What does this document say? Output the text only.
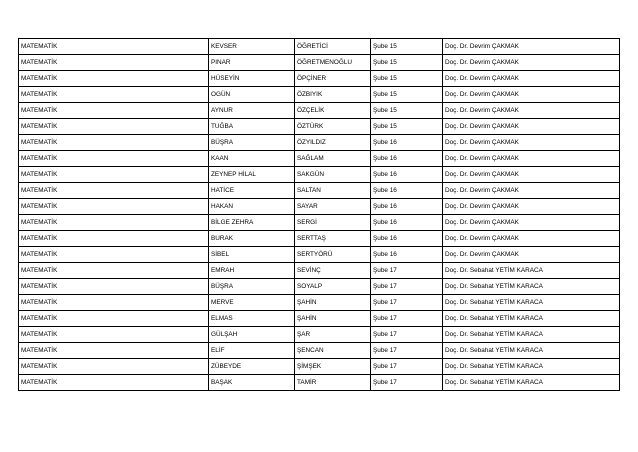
MATEMATİK	KEVSER	ÖĞRETİCİ	Şube 15	Doç. Dr. Devrim ÇAKMAK
MATEMATİK	PINAR	ÖĞRETMENOĞLU	Şube 15	Doç. Dr. Devrim ÇAKMAK
MATEMATİK	HÜSEYİN	ÖPÇİNER	Şube 15	Doç. Dr. Devrim ÇAKMAK
MATEMATİK	OGÜN	ÖZBIYIK	Şube 15	Doç. Dr. Devrim ÇAKMAK
MATEMATİK	AYNUR	ÖZÇELİK	Şube 15	Doç. Dr. Devrim ÇAKMAK
MATEMATİK	TUĞBA	ÖZTÜRK	Şube 15	Doç. Dr. Devrim ÇAKMAK
MATEMATİK	BÜŞRA	ÖZYILDIZ	Şube 16	Doç. Dr. Devrim ÇAKMAK
MATEMATİK	KAAN	SAĞLAM	Şube 16	Doç. Dr. Devrim ÇAKMAK
MATEMATİK	ZEYNEP HİLAL	SAKGÜN	Şube 16	Doç. Dr. Devrim ÇAKMAK
MATEMATİK	HATİCE	SALTAN	Şube 16	Doç. Dr. Devrim ÇAKMAK
MATEMATİK	HAKAN	SAYAR	Şube 16	Doç. Dr. Devrim ÇAKMAK
MATEMATİK	BİLGE ZEHRA	SERGİ	Şube 16	Doç. Dr. Devrim ÇAKMAK
MATEMATİK	BURAK	SERTTAŞ	Şube 16	Doç. Dr. Devrim ÇAKMAK
MATEMATİK	SİBEL	SERTYÖRÜ	Şube 16	Doç. Dr. Devrim ÇAKMAK
MATEMATİK	EMRAH	SEVİNÇ	Şube 17	Doç. Dr. Sebahat YETİM KARACA
MATEMATİK	BÜŞRA	SOYALP	Şube 17	Doç. Dr. Sebahat YETİM KARACA
MATEMATİK	MERVE	ŞAHİN	Şube 17	Doç. Dr. Sebahat YETİM KARACA
MATEMATİK	ELMAS	ŞAHİN	Şube 17	Doç. Dr. Sebahat YETİM KARACA
MATEMATİK	GÜLŞAH	ŞAR	Şube 17	Doç. Dr. Sebahat YETİM KARACA
MATEMATİK	ELİF	ŞENCAN	Şube 17	Doç. Dr. Sebahat YETİM KARACA
MATEMATİK	ZÜBEYDE	ŞİMŞEK	Şube 17	Doç. Dr. Sebahat YETİM KARACA
MATEMATİK	BAŞAK	TAMİR	Şube 17	Doç. Dr. Sebahat YETİM KARACA
